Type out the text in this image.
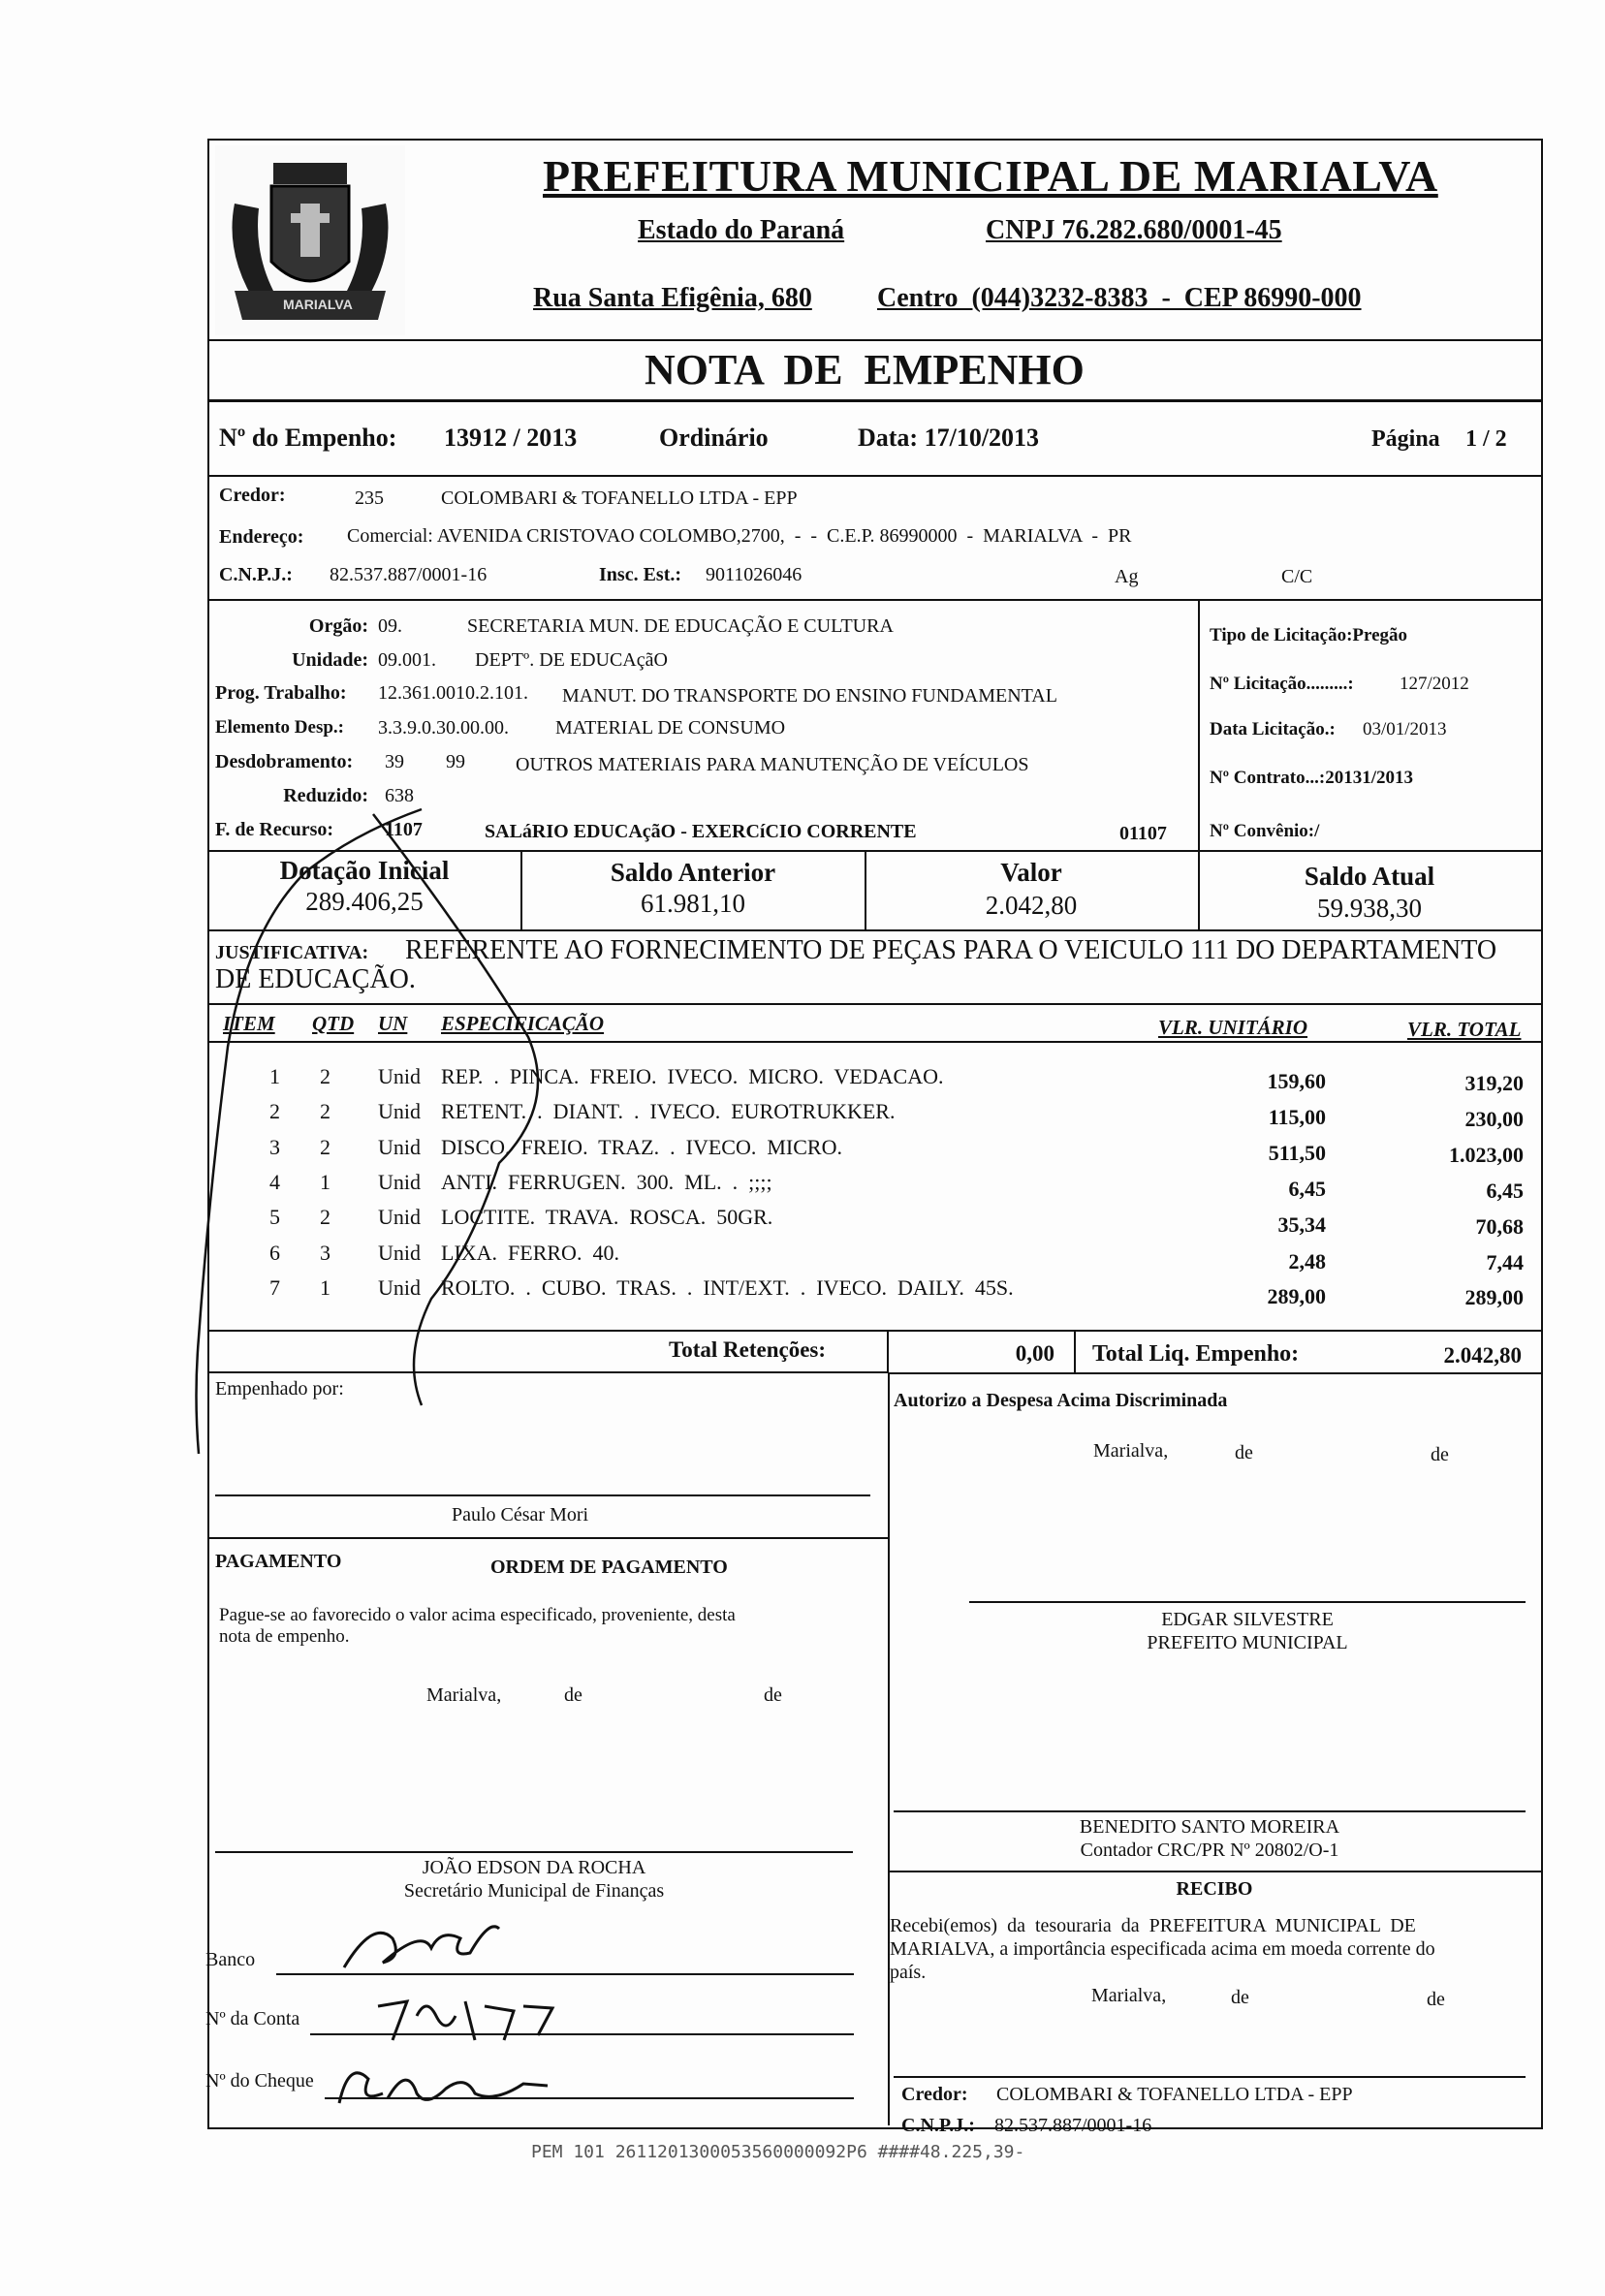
MARIALVA
PREFEITURA MUNICIPAL DE MARIALVA
Estado do Paraná	CNPJ 76.282.680/0001-45
Rua Santa Efigênia, 680 Centro  (044)3232-8383  -  CEP 86990-000
NOTA  DE  EMPENHO
Nº do Empenho: 13912 / 2013	Ordinário	Data: 17/10/2013	Página 1 / 2
Credor:	235	COLOMBARI & TOFANELLO LTDA - EPP
Endereço: Comercial: AVENIDA CRISTOVAO COLOMBO,2700,  -  -  C.E.P. 86990000  -  MARIALVA  -  PR
C.N.P.J.: 82.537.887/0001-16	Insc. Est.: 9011026046	Ag	C/C
Orgão: 09.	SECRETARIA MUN. DE EDUCAÇÃO E CULTURA
Unidade: 09.001. DEPTº. DE EDUCAçãO
Prog. Trabalho: 12.361.0010.2.101. MANUT. DO TRANSPORTE DO ENSINO FUNDAMENTAL
Elemento Desp.: 3.3.9.0.30.00.00. MATERIAL DE CONSUMO
Desdobramento: 39 99	OUTROS MATERIAIS PARA MANUTENÇÃO DE VEÍCULOS
Reduzido: 638
F. de Recurso:	1107	SALáRIO EDUCAçãO - EXERCíCIO CORRENTE	01107
Tipo de Licitação:Pregão
Nº Licitação.........: 127/2012
Data Licitação.: 03/01/2013
Nº Contrato...:20131/2013
Nº Convênio:/
Dotação Inicial
289.406,25
Saldo Anterior
61.981,10
Valor
2.042,80
Saldo Atual
59.938,30
JUSTIFICATIVA: REFERENTE AO FORNECIMENTO DE PEÇAS PARA O VEICULO 111 DO DEPARTAMENTO
DE EDUCAÇÃO.
ITEM QTD UN ESPECIFICAÇÃO	VLR. UNITÁRIO	VLR. TOTAL
1 2 Unid REP.  .  PINCA.  FREIO.  IVECO.  MICRO.  VEDACAO.	159,60	319,20
2 2 Unid RETENT.  .  DIANT.  .  IVECO.  EUROTRUKKER.	115,00	230,00
3 2 Unid DISCO.  FREIO.  TRAZ.  .  IVECO.  MICRO.	511,50	1.023,00
4 1 Unid ANTI.  FERRUGEN.  300.  ML.  .  ;;;;	6,45	6,45
5 2 Unid LOCTITE.  TRAVA.  ROSCA.  50GR.	35,34	70,68
6 3 Unid LIXA.  FERRO.  40.	2,48	7,44
7 1 Unid ROLTO.  .  CUBO.  TRAS.  .  INT/EXT.  .  IVECO.  DAILY.  45S.	289,00	289,00
Total Retenções:	0,00 Total Liq. Empenho:	2.042,80
Empenhado por:
Paulo César Mori
Autorizo a Despesa Acima Discriminada
Marialva,	de	de
EDGAR SILVESTRE
PREFEITO MUNICIPAL
PAGAMENTO	ORDEM DE PAGAMENTO
Pague-se ao favorecido o valor acima especificado, proveniente, desta
nota de empenho.
Marialva,	de	de
BENEDITO SANTO MOREIRA
Contador CRC/PR Nº 20802/O-1
JOÃO EDSON DA ROCHA
Secretário Municipal de Finanças	RECIBO
Recebi(emos)  da  tesouraria  da  PREFEITURA  MUNICIPAL  DE
MARIALVA, a importância especificada acima em moeda corrente do
país.
Marialva,	de	de
Credor: COLOMBARI & TOFANELLO LTDA - EPP
C.N.P.J.: 82.537.887/0001-16
Banco
Nº da Conta
Nº do Cheque
PEM 101 2611201300053560000092P6 ####48.225,39-
